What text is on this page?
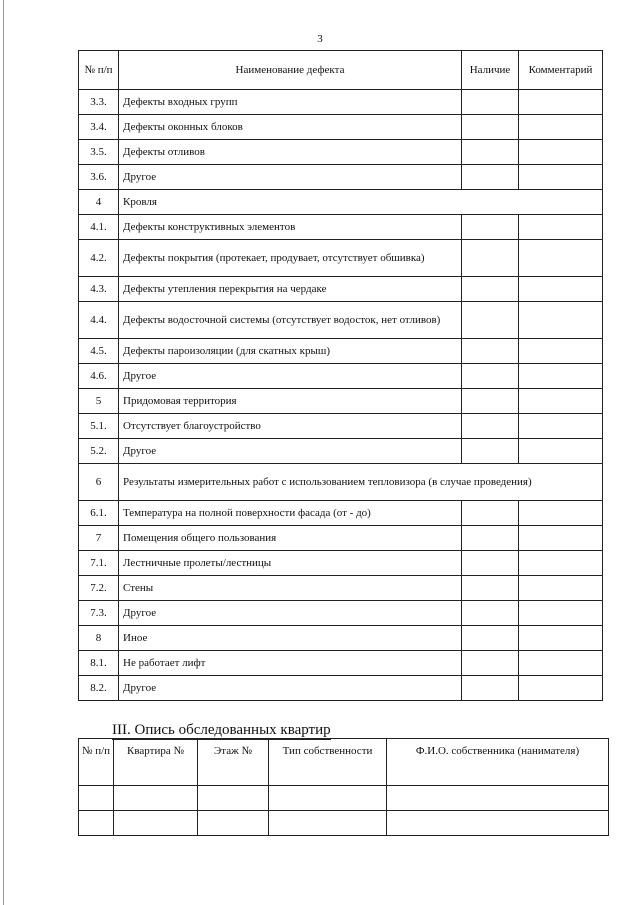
3
№ п/п	Наименование дефекта	Наличие	Комментарий
3.3.	Дефекты входных групп		
3.4.	Дефекты оконных блоков		
3.5.	Дефекты отливов		
3.6.	Другое		
4	Кровля		
4.1.	Дефекты конструктивных элементов		
4.2.	Дефекты покрытия (протекает, продувает, отсутствует обшивка)		
4.3.	Дефекты утепления перекрытия на чердаке		
4.4.	Дефекты водосточной системы (отсутствует водосток, нет отливов)		
4.5.	Дефекты пароизоляции (для скатных крыш)		
4.6.	Другое		
5	Придомовая территория		
5.1.	Отсутствует благоустройство		
5.2.	Другое		
6	Результаты измерительных работ с использованием тепловизора (в случае проведения)		
6.1.	Температура на полной поверхности фасада (от - до)		
7	Помещения общего пользования		
7.1.	Лестничные пролеты/лестницы		
7.2.	Стены		
7.3.	Другое		
8	Иное		
8.1.	Не работает лифт		
8.2.	Другое		
III. Опись обследованных квартир
№ п/п	Квартира №	Этаж №	Тип собственности	Ф.И.О. собственника (нанимателя)
